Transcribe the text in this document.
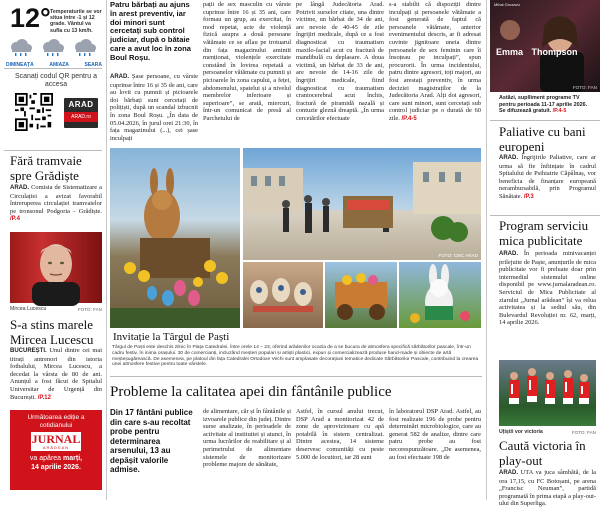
12° Temperaturile se vor situa între -1 și 12 grade. Vântul va sufla cu 13 km/h.
DIMINEAȚA	AMIAZA	SEARA
Scanați codul QR pentru a accesa
ARAD
ARAD.ro
Fără tramvaie spre Grădiște
ARAD. Comisia de Sistematizare a Circulației a avizat favorabil întreruperea circulației tramvaielor pe tronsonul Podgoria - Grădiște. /P.4
Mircea Lucescu	FOTO: FAN
S-a stins marele Mircea Lucescu
BUCUREȘTI. Unul dintre cei mai titrați antrenori din istoria fotbalului, Mircea Lucescu, a decedat la vârsta de 80 de ani. Anunțul a fost făcut de Spitalul Universitar de Urgență din București. /P.12
Următoarea ediție a cotidianului
JURNAL
ARĂDEAN
va apărea marți,
14 aprilie 2026.
Patru bărbați au ajuns în arest preventiv, iar doi minori sunt cercetați sub control judiciar, după o bătaie care a avut loc în zona Boul Roșu.
ARAD. Șase persoane, cu vârste cuprinse între 16 și 35 de ani, care au lovit cu pumnii și picioarele doi bărbați sunt cercetați de polițiști, după un scandal izbucnit în zona Boul Roșu. „În data de 05.04.2026, în jurul orei 21:30, în fața magazinului (...), cei șase inculpați
pații de sex masculin cu vârste cuprinse între 16 și 35 ani, care formau un grup, au exercitat, în mod repetat, acte de violență fizică asupra a două persoane vătămate ce se aflau pe trotuarul din fața magazinului amintit menționat, violențele exercitate constând în lovirea repetată a persoanelor vătămate cu pumnii și picioarele în zona capului, a feței, abdomenului, spatelui și a nivelul membrelor inferioare și superioare”, se arată, miercuri, într-un comunicat de presă al Parchetului de
pe lângă Judecătoria Arad. Potrivit surselor citate, una dintre victime, un bărbat de 34 de ani, are nevoie de 40-45 de zile îngrijiri medicale, după ce a fost diagnosticat cu traumatism maxilo-facial acut cu fractură de mandibulă cu deplasare. A doua victimă, un bărbat de 33 de ani, are nevoie de 14-16 zile de îngrijiri medicale, fiind diagnosticat cu traumatism craniocerebral acut închis, fractură de piramidă nazală și contuzie gleznă dreaptă. „În urma cercetărilor efectuate
s-a stabilit că dispoziții dintre inculpați și persoanele vătămate a fost generată de faptul că persoanele vătămate, anterior evenimentului descris, ar fi adresat cuvinte jignitoare uneia dintre persoanele de sex feminin care îi însoțeau pe inculpați”, spun procurorii. În urma incidentului, patru dintre agresori, toți majori, au fost arestați preventiv, în urma deciziei magistraților de la Judecătoria Arad. Alți doi agresori, care sunt minori, sunt cercetați sub control judiciar pe o durată de 60 zile. /P.4-5
FOTO: CMC ARAD
Invitație la Târgul de Paști
Târgul de Paști este deschis zilnic în Piața Catedralei, între orele 14 – 23, oferind arădenilor ocazia de a se bucura de atmosfera specifică sărbătorilor pascale, într-un cadru festiv, în inima orașului. 30 de comercianți, incluzând meșteri populari și artiști plastici, expun și comercializează produse hand-made și obiecte de artă meșteșugărească. De asemenea, pe platoul din fața Catedralei Ortodoxe Vechi sunt amplasate decorațiuni tematice dedicate Sărbătorilor Pascale, contribuind la crearea unei atmosfere festive pentru toate vârstele.
Probleme la calitatea apei din fântânile publice
Din 17 fântâni publice din care s-au recoltat probe pentru determinarea arsenului, 13 au depășit valorile admise.
de alimentare, căr și în fântânile și izvoarele publice din județ. Dintre surse analizate, în perioadele de activitate al institutiei și atunci, în urma lucrărilor de reabilitare și al perimetrului de alimentare sistemele de monitorizare probleme majore de sănătate,
Astfel, în cursul anului trecut, DSP Arad a monitorizat 42 de zone de aprovizionare cu apă potabilă în sistem centralizat. Dintre acestea, 14 sisteme deservesc comunități cu peste 5.000 de locuitori, iar 28 sunt
în laboratorul DSP Arad. Astfel, au fost realizate 196 de probe pentru determinări microbiologice, care au generat 582 de analize, dintre care patru probe au fost necorespunzătoare. „De asemenea, au fost efectuate 198 de
Mihai Grozavu
Emma Thompson
FOTO: FAN
Astăzi, suplliment programe TV pentru perioada 11-17 aprilie 2026. Se difuzează gratuit. /P.4-5
Paliative cu bani europeni
ARAD. Îngrijirile Paliative, care ar urma să fie înființate în cadrul Spitalului de Psihiatrie Căpâlnaș, vor beneficia de finanțare europeană nerambursabilă, prin Programul Sănătate. /P.3
Program serviciu mica publicitate
ARAD. În perioada minivacanței prilejuite de Paște, anunțurile de mica publicitate vor fi preluate doar prin intermediul sistemului online disponibil pe www.jurnalaradean.ro. Serviciul de Mica Publicitate al ziarului „Jurnal arădean” își va relua activitatea și la sediul său, din Bulevardul Revoluției nr. 62, marți, 14 aprilie 2026.
Uțiștii vor victoria	FOTO: FAN
Caută victoria în play-out
ARAD. UTA va juca sâmbătă, de la ora 17,15, cu FC Botoșani, pe arena „Francisc Neuman”, partidă programată în prima etapă a play-out-ului din Superliga.
